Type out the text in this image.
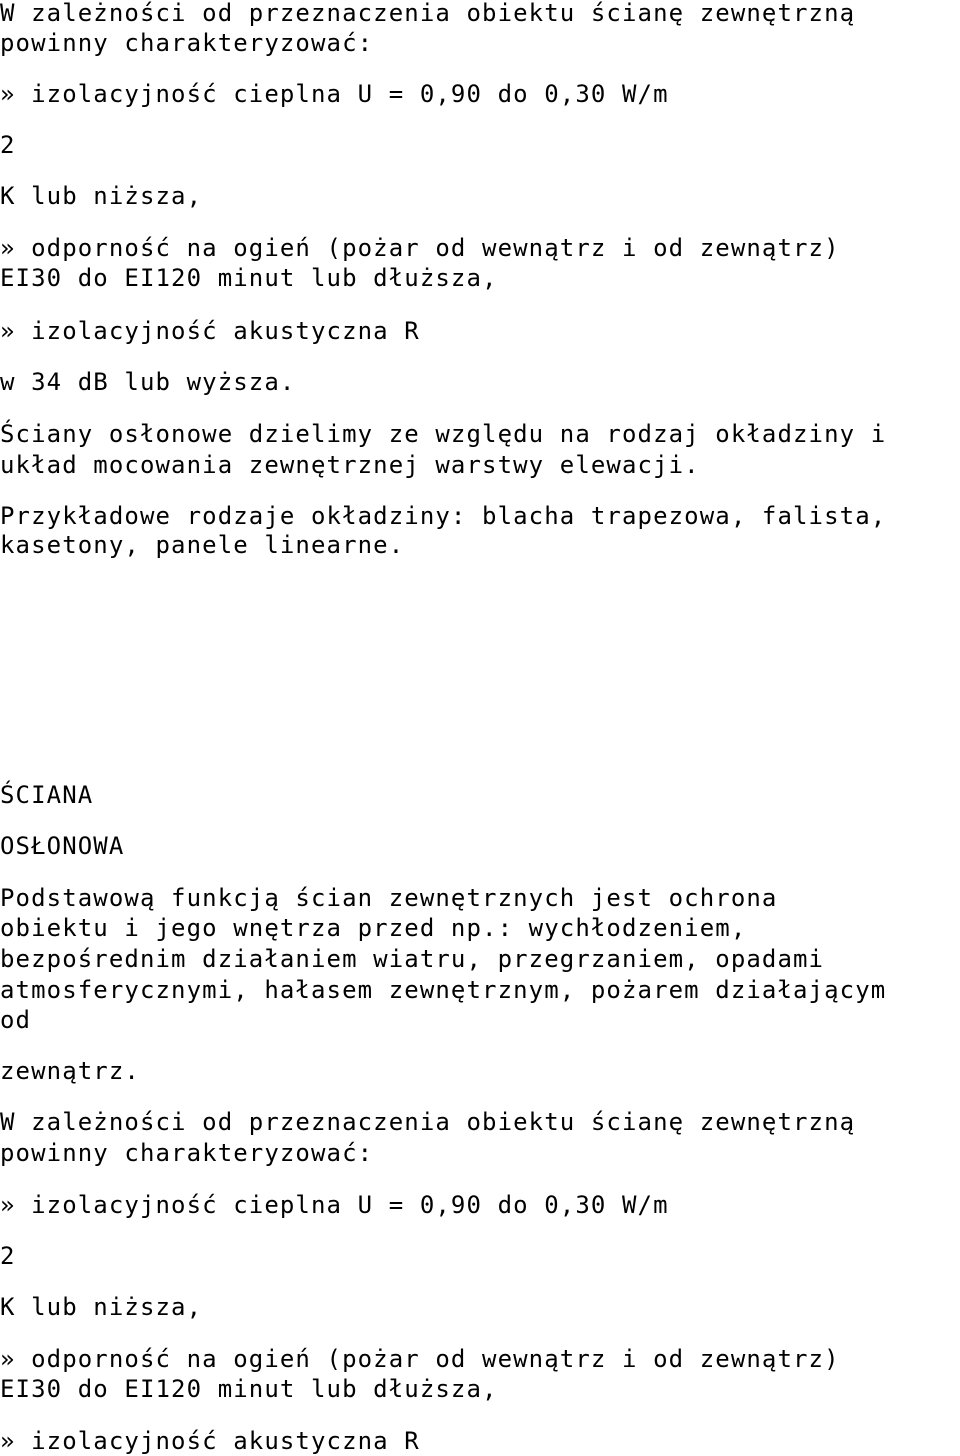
W zależności od przeznaczenia obiektu ścianę zewnętrzną

powinny charakteryzować:

» izolacyjność cieplna U = 0,90 do 0,30 W/m

2

K lub niższa,

» odporność na ogień (pożar od wewnątrz i od zewnątrz)

EI30 do EI120 minut lub dłuższa,

» izolacyjność akustyczna R

w 34 dB lub wyższa.

Ściany osłonowe dzielimy ze względu na rodzaj okładziny i

układ mocowania zewnętrznej warstwy elewacji.

Przykładowe rodzaje okładziny: blacha trapezowa, falista,

kasetony, panele linearne.

ŚCIANA

OSŁONOWA

Podstawową funkcją ścian zewnętrznych jest ochrona

obiektu i jego wnętrza przed np.: wychłodzeniem,

bezpośrednim działaniem wiatru, przegrzaniem, opadami

atmosferycznymi, hałasem zewnętrznym, pożarem działającym

od

zewnątrz.

W zależności od przeznaczenia obiektu ścianę zewnętrzną

powinny charakteryzować:

» izolacyjność cieplna U = 0,90 do 0,30 W/m

2

K lub niższa,

» odporność na ogień (pożar od wewnątrz i od zewnątrz)

EI30 do EI120 minut lub dłuższa,

» izolacyjność akustyczna R
